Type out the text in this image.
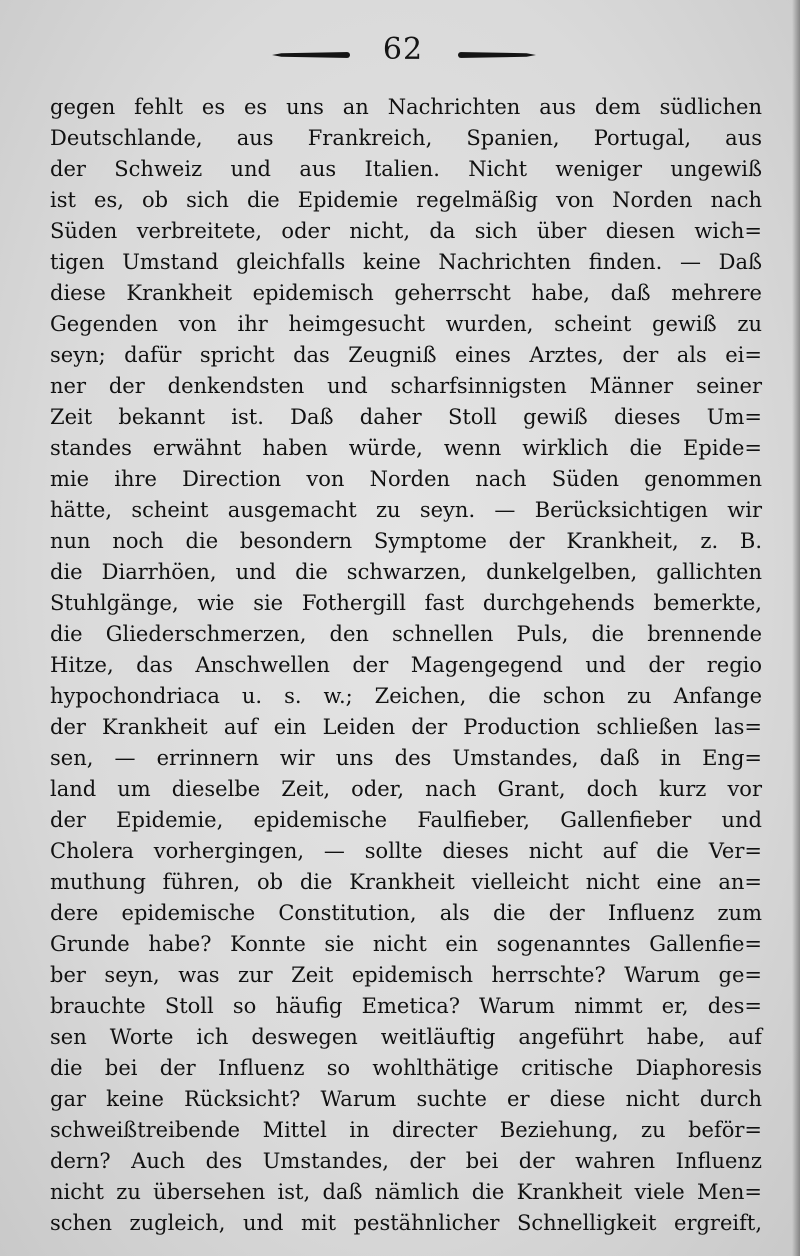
62
gegen fehlt es es uns an Nachrichten aus dem südlichen
Deutschlande, aus Frankreich, Spanien, Portugal, aus
der Schweiz und aus Italien. Nicht weniger ungewiß
ist es, ob sich die Epidemie regelmäßig von Norden nach
Süden verbreitete, oder nicht, da sich über diesen wich=
tigen Umstand gleichfalls keine Nachrichten finden. — Daß
diese Krankheit epidemisch geherrscht habe, daß mehrere
Gegenden von ihr heimgesucht wurden, scheint gewiß zu
seyn; dafür spricht das Zeugniß eines Arztes, der als ei=
ner der denkendsten und scharfsinnigsten Männer seiner
Zeit bekannt ist. Daß daher Stoll gewiß dieses Um=
standes erwähnt haben würde, wenn wirklich die Epide=
mie ihre Direction von Norden nach Süden genommen
hätte, scheint ausgemacht zu seyn. — Berücksichtigen wir
nun noch die besondern Symptome der Krankheit, z. B.
die Diarrhöen, und die schwarzen, dunkelgelben, gallichten
Stuhlgänge, wie sie Fothergill fast durchgehends bemerkte,
die Gliederschmerzen, den schnellen Puls, die brennende
Hitze, das Anschwellen der Magengegend und der regio
hypochondriaca u. s. w.; Zeichen, die schon zu Anfange
der Krankheit auf ein Leiden der Production schließen las=
sen, — errinnern wir uns des Umstandes, daß in Eng=
land um dieselbe Zeit, oder, nach Grant, doch kurz vor
der Epidemie, epidemische Faulfieber, Gallenfieber und
Cholera vorhergingen, — sollte dieses nicht auf die Ver=
muthung führen, ob die Krankheit vielleicht nicht eine an=
dere epidemische Constitution, als die der Influenz zum
Grunde habe? Konnte sie nicht ein sogenanntes Gallenfie=
ber seyn, was zur Zeit epidemisch herrschte? Warum ge=
brauchte Stoll so häufig Emetica? Warum nimmt er, des=
sen Worte ich deswegen weitläuftig angeführt habe, auf
die bei der Influenz so wohlthätige critische Diaphoresis
gar keine Rücksicht? Warum suchte er diese nicht durch
schweißtreibende Mittel in directer Beziehung, zu beför=
dern? Auch des Umstandes, der bei der wahren Influenz
nicht zu übersehen ist, daß nämlich die Krankheit viele Men=
schen zugleich, und mit pestähnlicher Schnelligkeit ergreift,
